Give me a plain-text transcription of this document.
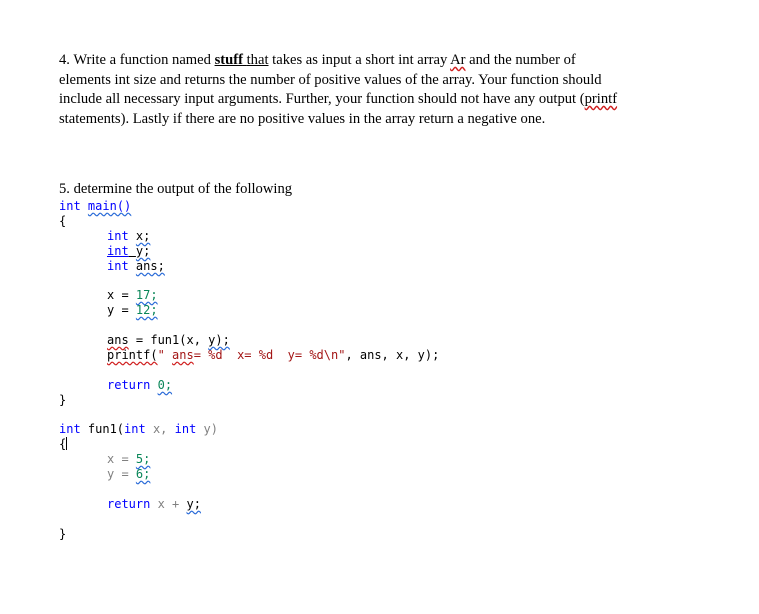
4. Write a function named stuff that takes as input a short int array Ar and the number of
elements int size and returns the number of positive values of the array. Your function should
include all necessary input arguments. Further, your function should not have any output (printf
statements). Lastly if there are no positive values in the array return a negative one.
5. determine the output of the following
int main()
{
int x;
int y;
int ans;
x = 17;
y = 12;
ans = fun1(x, y);
printf(" ans= %d  x= %d  y= %d\n", ans, x, y);
return 0;
}
int fun1(int x, int y)
{
x = 5;
y = 6;
return x + y;
}
